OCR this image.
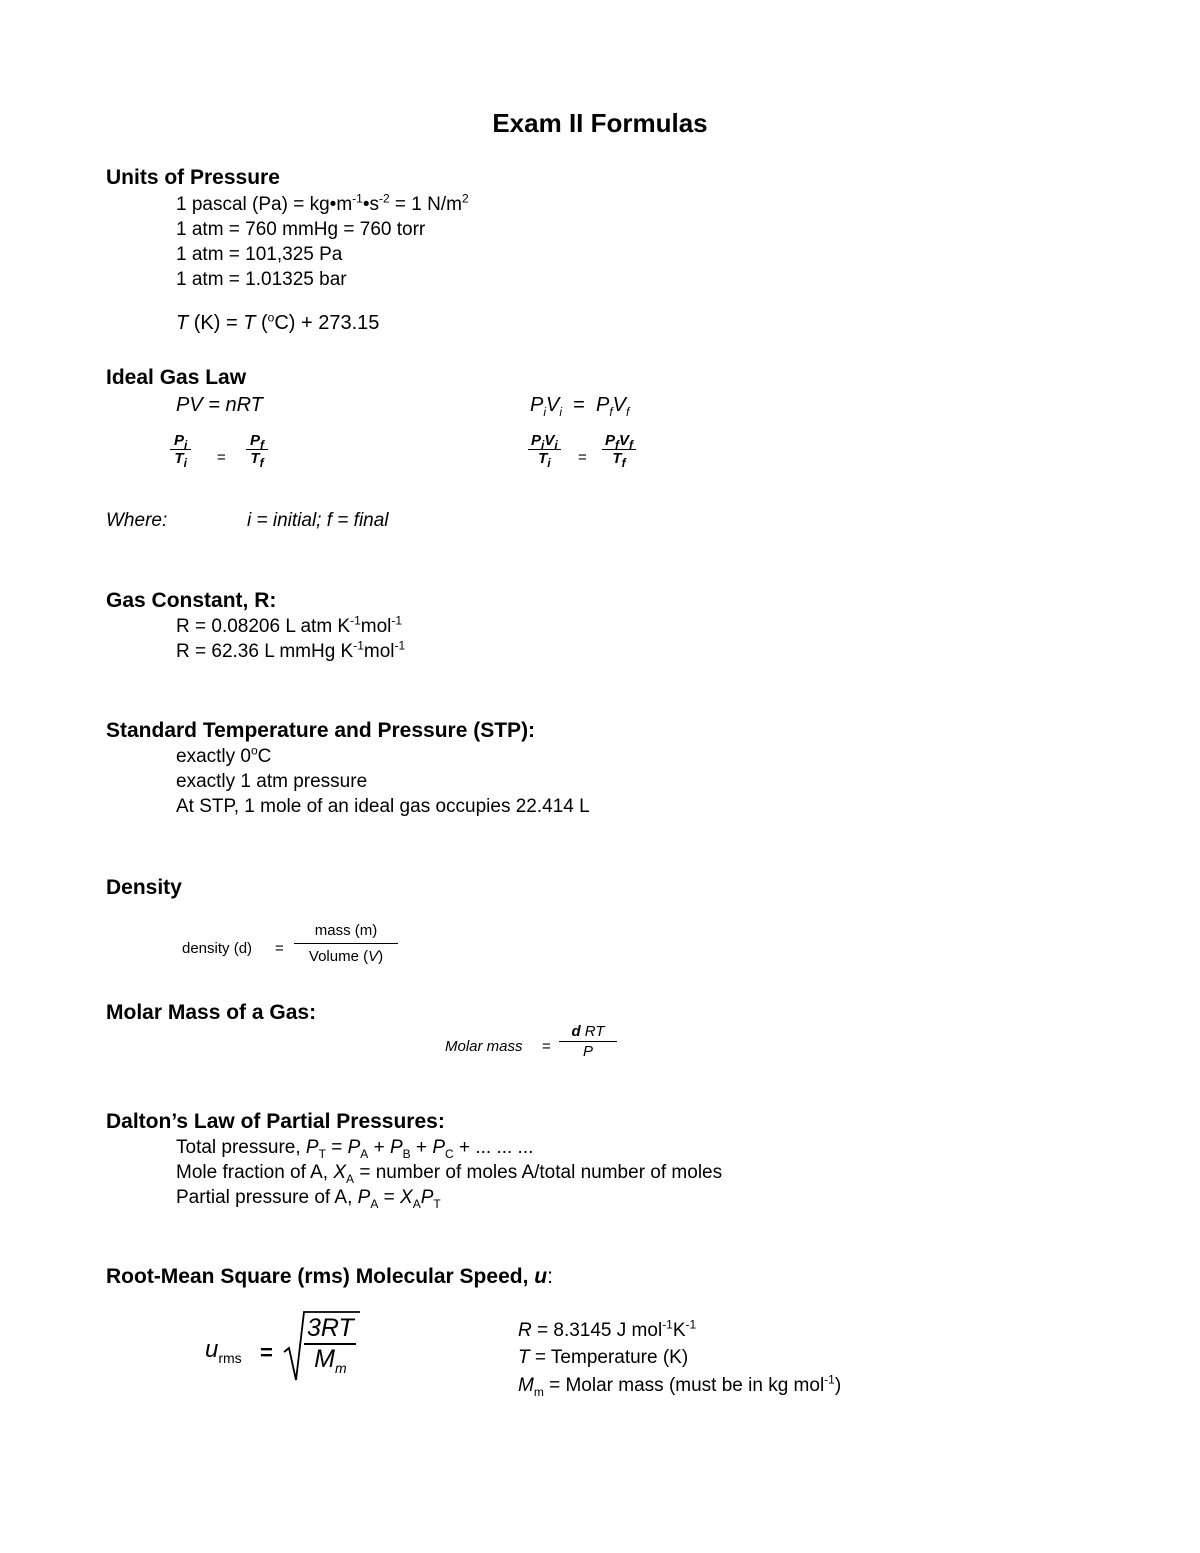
Exam II Formulas
Units of Pressure
1 pascal $(Pa) = kg•m^{-1}•s^{-2} = 1$ $N/m^2$
1 atm = 760 mmHg = 760 torr
1 atm = 101,325 Pa
1 atm = 1.01325 bar
T (K) = T ($^o$C) + 273.15
Ideal Gas Law
PV = nRT	$P_iV_i = P_fV_f$
$P_i$
$T_i$ =
$P_f$
$T_f$
$P_iV_i$
$T_i$ =
$P_fV_f$
$T_f$
Where:	i = initial; f = final
Gas Constant, R:
R = 0.08206 L atm $K^{-1}mol^{-1}$
R = 62.36 L mmHg $K^{-1}mol^{-1}$
Standard Temperature and Pressure (STP):
exactly 0$^o$C
exactly 1 atm pressure
At STP, 1 mole of an ideal gas occupies 22.414 L
Density
density (d) =
mass (m)
Volume (V)
Molar Mass of a Gas:
Molar mass =
d RT
P
Dalton’s Law of Partial Pressures:
Total pressure, $P_T = P_A + P_B + P_C$ + ... ... ...
Mole fraction of A, $X_A$ = number of moles A/total number of moles
Partial pressure of A, $P_A = X_AP_T$
Root-Mean Square (rms) Molecular Speed, u:
$u_{rms}$ =
3RT
$M_m$
R = 8.3145 J $mol^{-1}K^{-1}$
T = Temperature (K)
$M_m$ = Molar mass (must be in kg mol$^{-1}$)
